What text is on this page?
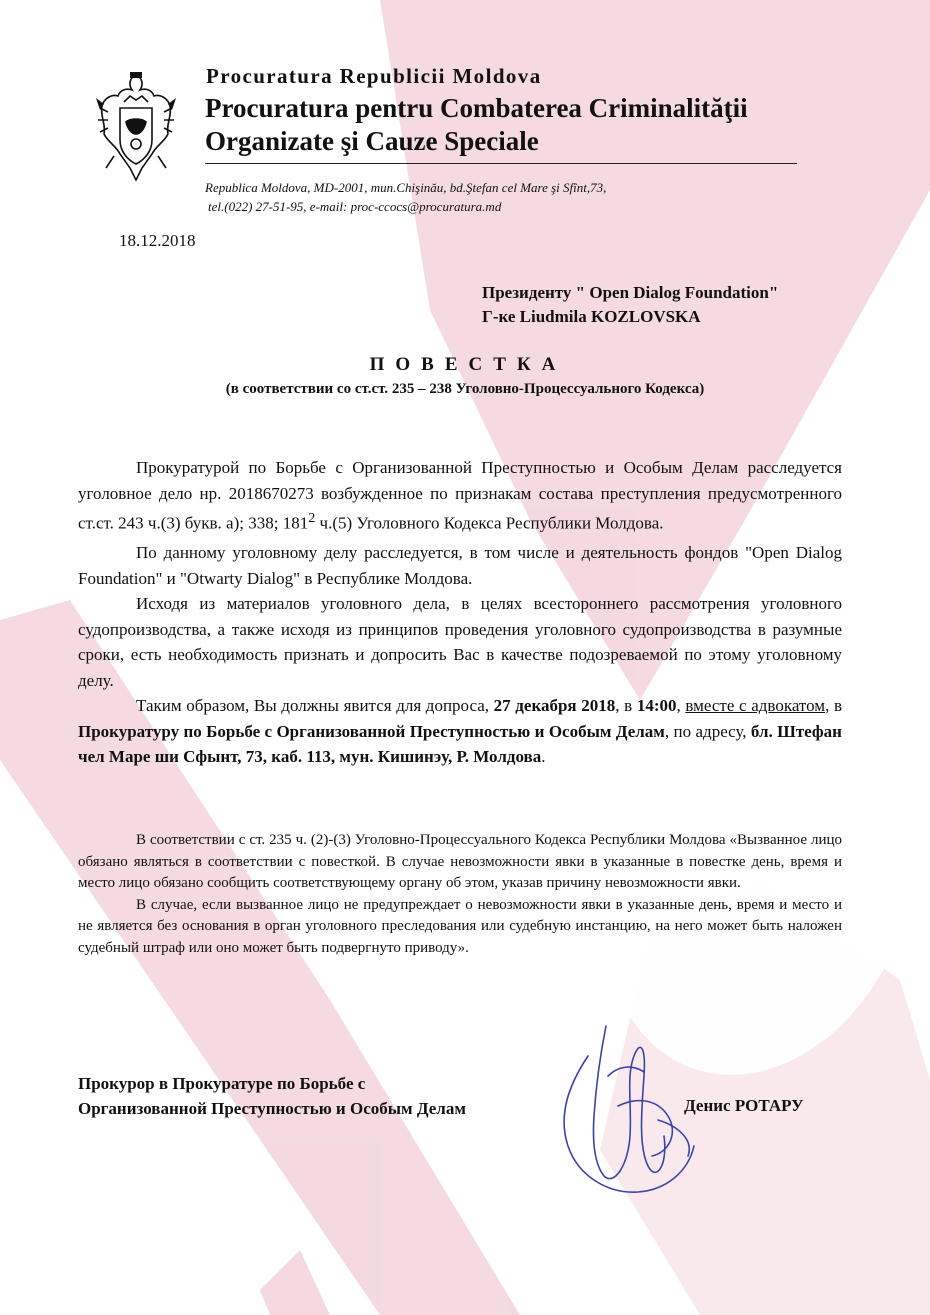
Procuratura Republicii Moldova
Procuratura pentru Combaterea Criminalităţii
Organizate şi Cauze Speciale
Republica Moldova, MD-2001, mun.Chişinău, bd.Ştefan cel Mare şi Sfînt,73,
tel.(022) 27-51-95, e-mail: proc-ccocs@procuratura.md
18.12.2018
Президенту " Open Dialog Foundation"
Г-ке Liudmila KOZLOVSKA
ПОВЕСТКА
(в соответствии со ст.ст. 235 – 238 Уголовно-Процессуального Кодекса)

Прокуратурой по Борьбе с Организованной Преступностью и Особым Делам расследуется уголовное дело нр. 2018670273 возбужденное по признакам состава преступления предусмотренного ст.ст. 243 ч.(3) букв. а); 338; $181^2$ ч.(5) Уголовного Кодекса Республики Молдова.

По данному уголовному делу расследуется, в том числе и деятельность фондов "Open Dialog Foundation" и "Otwarty Dialog" в Республике Молдова.

Исходя из материалов уголовного дела, в целях всестороннего рассмотрения уголовного судопроизводства, а также исходя из принципов проведения уголовного судопроизводства в разумные сроки, есть необходимость признать и допросить Вас в качестве подозреваемой по этому уголовному делу.

Таким образом, Вы должны явится для допроса, 27 декабря 2018, в 14:00, вместе с адвокатом, в Прокуратуру по Борьбе с Организованной Преступностью и Особым Делам, по адресу, бл. Штефан чел Маре ши Сфынт, 73, каб. 113, мун. Кишинэу, Р. Молдова.

В соответствии с ст. 235 ч. (2)-(3) Уголовно-Процессуального Кодекса Республики Молдова «Вызванное лицо обязано являться в соответствии с повесткой. В случае невозможности явки в указанные в повестке день, время и место лицо обязано сообщить соответствующему органу об этом, указав причину невозможности явки.

В случае, если вызванное лицо не предупреждает о невозможности явки в указанные день, время и место и не является без основания в орган уголовного преследования или судебную инстанцию, на него может быть наложен судебный штраф или оно может быть подвергнуто приводу».

Прокурор в Прокуратуре по Борьбе с
Организованной Преступностью и Особым Делам	Денис РОТАРУ
